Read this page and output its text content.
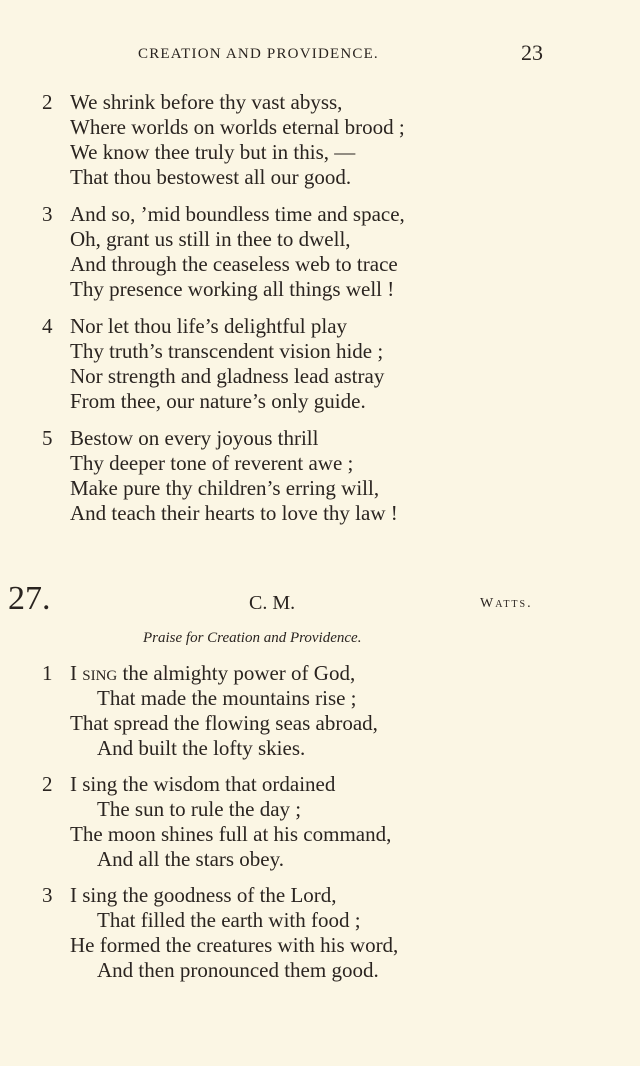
CREATION AND PROVIDENCE.	23
2 We shrink before thy vast abyss,
Where worlds on worlds eternal brood ;
We know thee truly but in this, —
That thou bestowest all our good.
3 And so, ’mid boundless time and space,
Oh, grant us still in thee to dwell,
And through the ceaseless web to trace
Thy presence working all things well !
4 Nor let thou life’s delightful play
Thy truth’s transcendent vision hide ;
Nor strength and gladness lead astray
From thee, our nature’s only guide.
5 Bestow on every joyous thrill
Thy deeper tone of reverent awe ;
Make pure thy children’s erring will,
And teach their hearts to love thy law !
27.	C. M.	Watts.
Praise for Creation and Providence.
1 I sing the almighty power of God,
That made the mountains rise ;
That spread the flowing seas abroad,
And built the lofty skies.
2 I sing the wisdom that ordained
The sun to rule the day ;
The moon shines full at his command,
And all the stars obey.
3 I sing the goodness of the Lord,
That filled the earth with food ;
He formed the creatures with his word,
And then pronounced them good.
